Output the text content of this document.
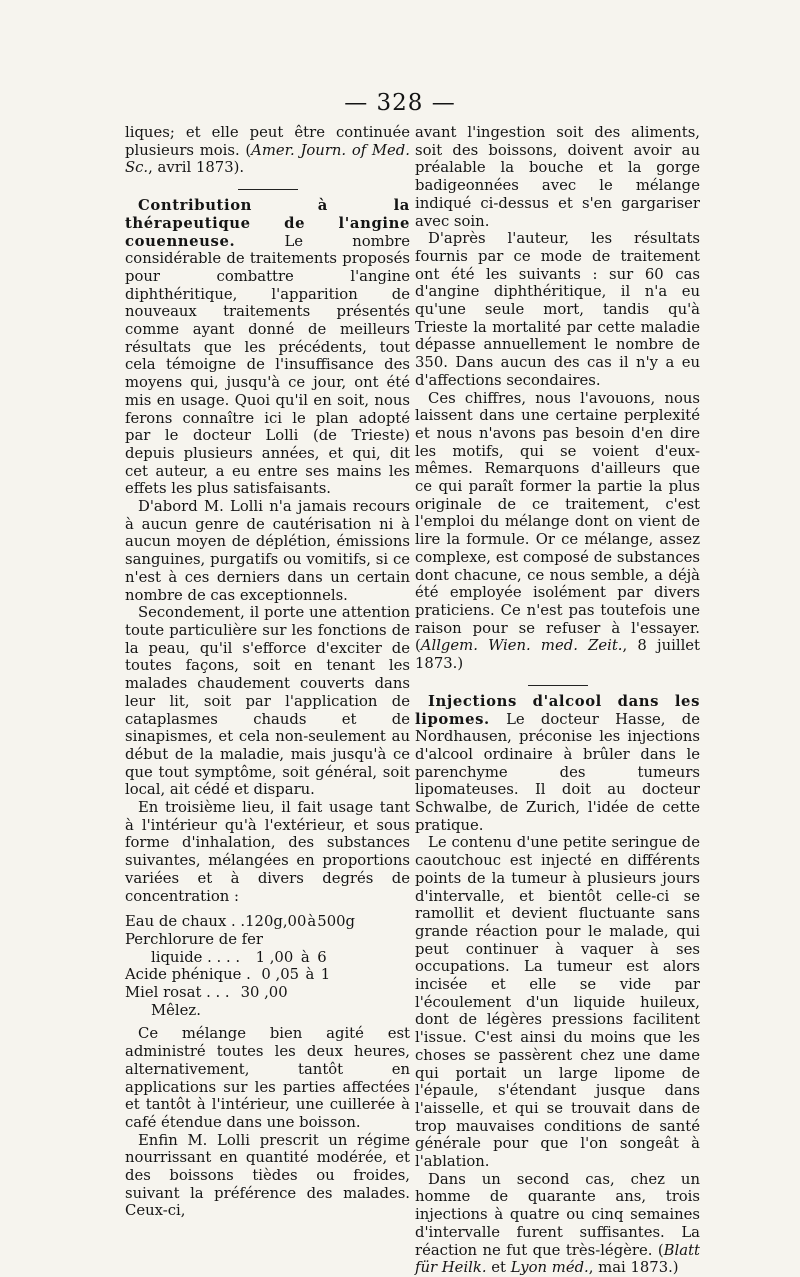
— 328 —

liques; et elle peut être continuée plusieurs mois. (Amer. Journ. of Med. Sc., avril 1873).

Contribution à la thérapeutique de l'angine couenneuse. Le nombre considérable de traitements proposés pour combattre l'angine diphthéritique, l'apparition de nouveaux traitements présentés comme ayant donné de meilleurs résultats que les précédents, tout cela témoigne de l'insuffisance des moyens qui, jusqu'à ce jour, ont été mis en usage. Quoi qu'il en soit, nous ferons connaître ici le plan adopté par le docteur Lolli (de Trieste) depuis plusieurs années, et qui, dit cet auteur, a eu entre ses mains les effets les plus satisfaisants.

D'abord M. Lolli n'a jamais recours à aucun genre de cautérisation ni à aucun moyen de déplétion, émissions sanguines, purgatifs ou vomitifs, si ce n'est à ces derniers dans un certain nombre de cas exceptionnels.

Secondement, il porte une attention toute particulière sur les fonctions de la peau, qu'il s'efforce d'exciter de toutes façons, soit en tenant les malades chaudement couverts dans leur lit, soit par l'application de cataplasmes chauds et de sinapismes, et cela non-seulement au début de la maladie, mais jusqu'à ce que tout symptôme, soit général, soit local, ait cédé et disparu.

En troisième lieu, il fait usage tant à l'intérieur qu'à l'extérieur, et sous forme d'inhalation, des substances suivantes, mélangées en proportions variées et à divers degrés de concentration :

Eau de chaux . . 120g,00 à 500g
Perchlorure de fer
liquide . . . .	1 ,00 à 6
Acide phénique . 0 ,05 à 1
Miel rosat . . . 30 ,00
Mêlez.

Ce mélange bien agité est administré toutes les deux heures, alternativement, tantôt en applications sur les parties affectées et tantôt à l'intérieur, une cuillerée à café étendue dans une boisson.

Enfin M. Lolli prescrit un régime nourrissant en quantité modérée, et des boissons tièdes ou froides, suivant la préférence des malades. Ceux-ci,

avant l'ingestion soit des aliments, soit des boissons, doivent avoir au préalable la bouche et la gorge badigeonnées avec le mélange indiqué ci-dessus et s'en gargariser avec soin.

D'après l'auteur, les résultats fournis par ce mode de traitement ont été les suivants : sur 60 cas d'angine diphthéritique, il n'a eu qu'une seule mort, tandis qu'à Trieste la mortalité par cette maladie dépasse annuellement le nombre de 350. Dans aucun des cas il n'y a eu d'affections secondaires.

Ces chiffres, nous l'avouons, nous laissent dans une certaine perplexité et nous n'avons pas besoin d'en dire les motifs, qui se voient d'eux-mêmes. Remarquons d'ailleurs que ce qui paraît former la partie la plus originale de ce traitement, c'est l'emploi du mélange dont on vient de lire la formule. Or ce mélange, assez complexe, est composé de substances dont chacune, ce nous semble, a déjà été employée isolément par divers praticiens. Ce n'est pas toutefois une raison pour se refuser à l'essayer. (Allgem. Wien. med. Zeit., 8 juillet 1873.)

Injections d'alcool dans les lipomes. Le docteur Hasse, de Nordhausen, préconise les injections d'alcool ordinaire à brûler dans le parenchyme des tumeurs lipomateuses. Il doit au docteur Schwalbe, de Zurich, l'idée de cette pratique.

Le contenu d'une petite seringue de caoutchouc est injecté en différents points de la tumeur à plusieurs jours d'intervalle, et bientôt celle-ci se ramollit et devient fluctuante sans grande réaction pour le malade, qui peut continuer à vaquer à ses occupations. La tumeur est alors incisée et elle se vide par l'écoulement d'un liquide huileux, dont de légères pressions facilitent l'issue. C'est ainsi du moins que les choses se passèrent chez une dame qui portait un large lipome de l'épaule, s'étendant jusque dans l'aisselle, et qui se trouvait dans de trop mauvaises conditions de santé générale pour que l'on songeât à l'ablation.

Dans un second cas, chez un homme de quarante ans, trois injections à quatre ou cinq semaines d'intervalle furent suffisantes. La réaction ne fut que très-légère. (Blatt für Heilk. et Lyon méd., mai 1873.)
